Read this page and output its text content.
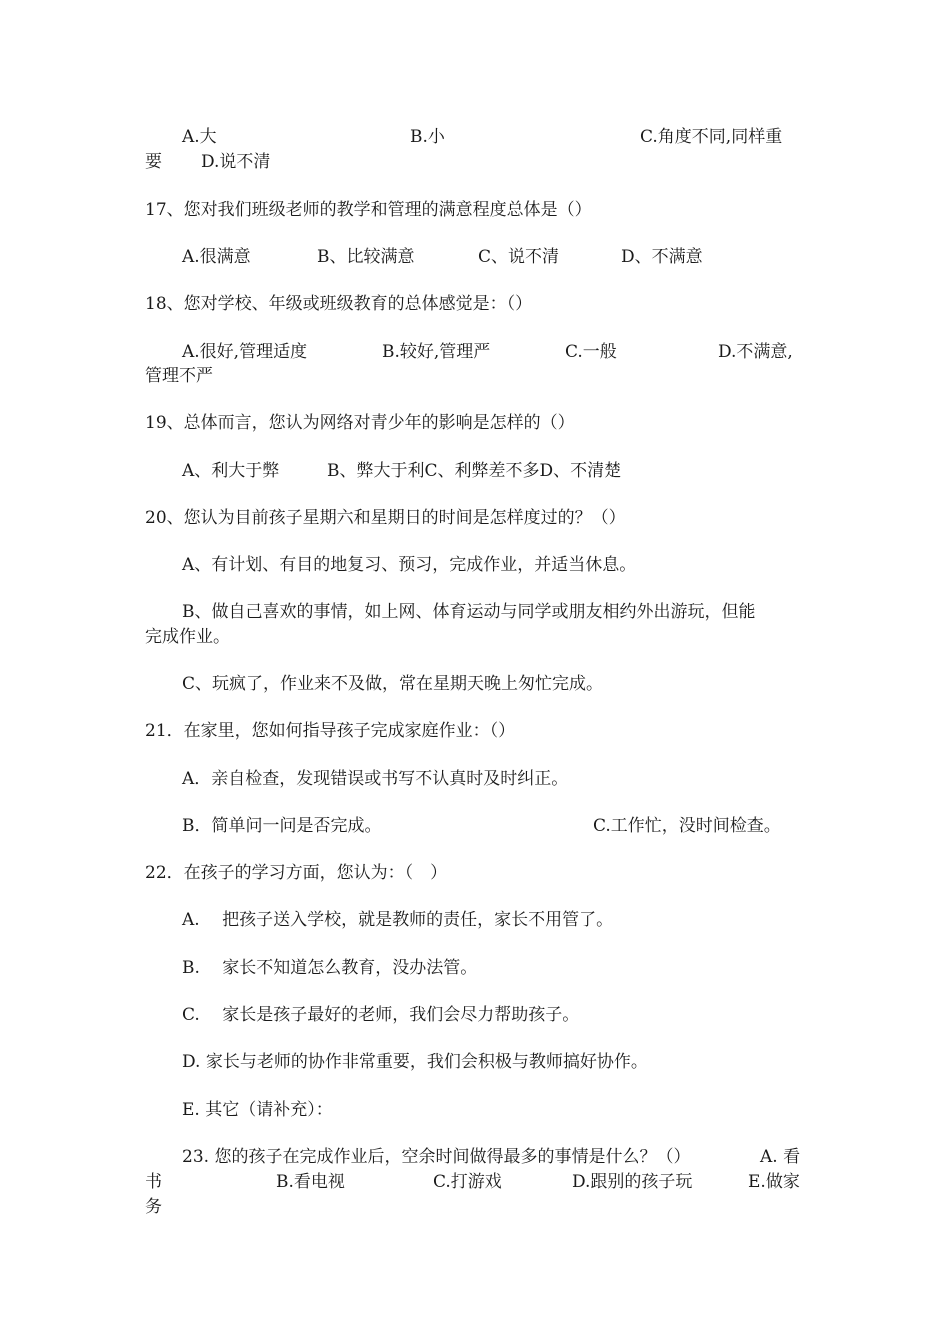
A.大	B.小	C.角度不同,同样重
要 D.说不清
17、您对我们班级老师的教学和管理的满意程度总体是（）
A.很满意	B、比较满意	C、说不清	D、不满意
18、您对学校、年级或班级教育的总体感觉是：（）
A.很好,管理适度	B.较好,管理严	C.一般	D.不满意,
管理不严
19、总体而言，您认为网络对青少年的影响是怎样的（）
A、利大于弊	B、弊大于利C、利弊差不多D、不清楚
20、您认为目前孩子星期六和星期日的时间是怎样度过的？（）
A、有计划、有目的地复习、预习，完成作业，并适当休息。
B、做自己喜欢的事情，如上网、体育运动与同学或朋友相约外出游玩，但能
完成作业。
C、玩疯了，作业来不及做，常在星期天晚上匆忙完成。
21．在家里，您如何指导孩子完成家庭作业：（）
A．亲自检查，发现错误或书写不认真时及时纠正。
B．简单问一问是否完成。	C.工作忙，没时间检查。
22．在孩子的学习方面，您认为：（　）
A.　 把孩子送入学校，就是教师的责任，家长不用管了。
B.　 家长不知道怎么教育，没办法管。
C.　 家长是孩子最好的老师，我们会尽力帮助孩子。
D. 家长与老师的协作非常重要，我们会积极与教师搞好协作。
E. 其它（请补充）：
23. 您的孩子在完成作业后，空余时间做得最多的事情是什么？（）	A. 看
书	B.看电视	C.打游戏	D.跟别的孩子玩	E.做家
务
